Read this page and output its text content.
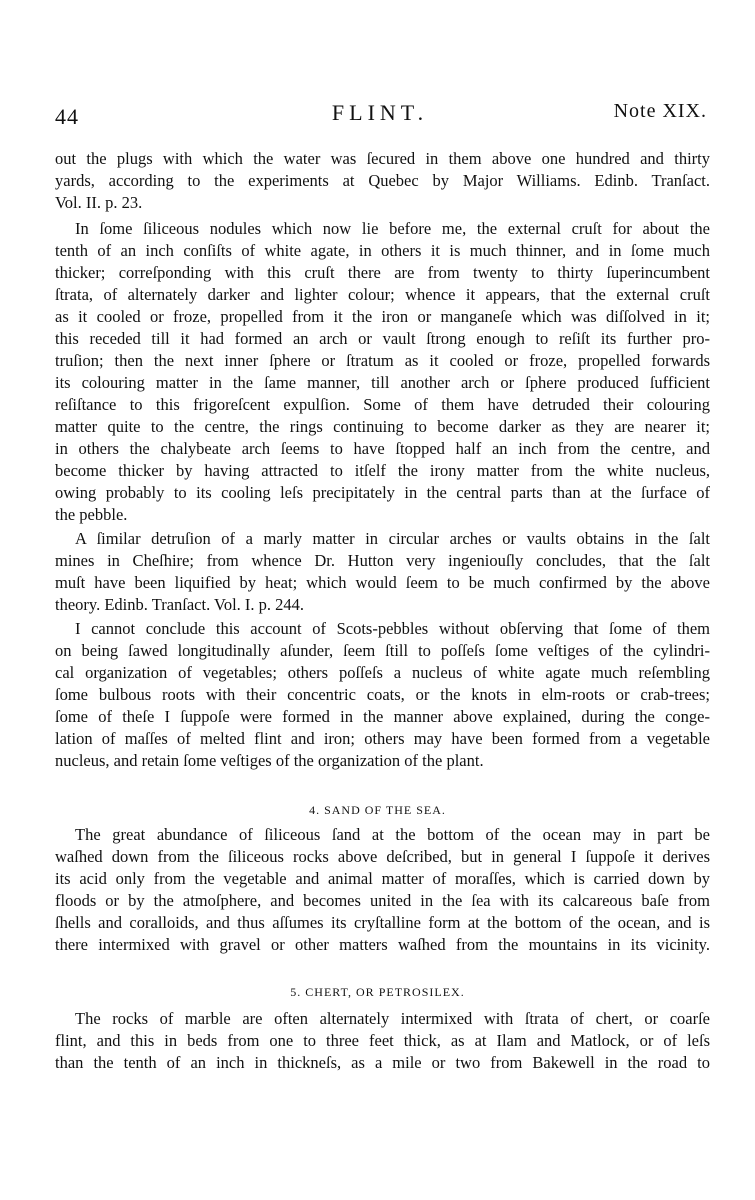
44	FLINT.	Note XIX.
out the plugs with which the water was ſecured in them above one hundred and thirty
yards, according to the experiments at Quebec by Major Williams. Edinb. Tranſact.
Vol. II. p. 23.
In ſome ſiliceous nodules which now lie before me, the external cruſt for about the
tenth of an inch conſiſts of white agate, in others it is much thinner, and in ſome much
thicker; correſponding with this cruſt there are from twenty to thirty ſuperincumbent
ſtrata, of alternately darker and lighter colour; whence it appears, that the external cruſt
as it cooled or froze, propelled from it the iron or manganeſe which was diſſolved in it;
this receded till it had formed an arch or vault ſtrong enough to reſiſt its further pro-
truſion; then the next inner ſphere or ſtratum as it cooled or froze, propelled forwards
its colouring matter in the ſame manner, till another arch or ſphere produced ſufficient
reſiſtance to this frigoreſcent expulſion. Some of them have detruded their colouring
matter quite to the centre, the rings continuing to become darker as they are nearer it;
in others the chalybeate arch ſeems to have ſtopped half an inch from the centre, and
become thicker by having attracted to itſelf the irony matter from the white nucleus,
owing probably to its cooling leſs precipitately in the central parts than at the ſurface of
the pebble.
A ſimilar detruſion of a marly matter in circular arches or vaults obtains in the ſalt
mines in Cheſhire; from whence Dr. Hutton very ingeniouſly concludes, that the ſalt
muſt have been liquified by heat; which would ſeem to be much confirmed by the above
theory. Edinb. Tranſact. Vol. I. p. 244.
I cannot conclude this account of Scots-pebbles without obſerving that ſome of them
on being ſawed longitudinally aſunder, ſeem ſtill to poſſeſs ſome veſtiges of the cylindri-
cal organization of vegetables; others poſſeſs a nucleus of white agate much reſembling
ſome bulbous roots with their concentric coats, or the knots in elm-roots or crab-trees;
ſome of theſe I ſuppoſe were formed in the manner above explained, during the conge-
lation of maſſes of melted flint and iron; others may have been formed from a vegetable
nucleus, and retain ſome veſtiges of the organization of the plant.
4. SAND OF THE SEA.
The great abundance of ſiliceous ſand at the bottom of the ocean may in part be
waſhed down from the ſiliceous rocks above deſcribed, but in general I ſuppoſe it derives
its acid only from the vegetable and animal matter of moraſſes, which is carried down by
floods or by the atmoſphere, and becomes united in the ſea with its calcareous baſe from
ſhells and coralloids, and thus aſſumes its cryſtalline form at the bottom of the ocean, and is
there intermixed with gravel or other matters waſhed from the mountains in its vicinity.
5. CHERT, OR PETROSILEX.
The rocks of marble are often alternately intermixed with ſtrata of chert, or coarſe
flint, and this in beds from one to three feet thick, as at Ilam and Matlock, or of leſs
than the tenth of an inch in thickneſs, as a mile or two from Bakewell in the road to
